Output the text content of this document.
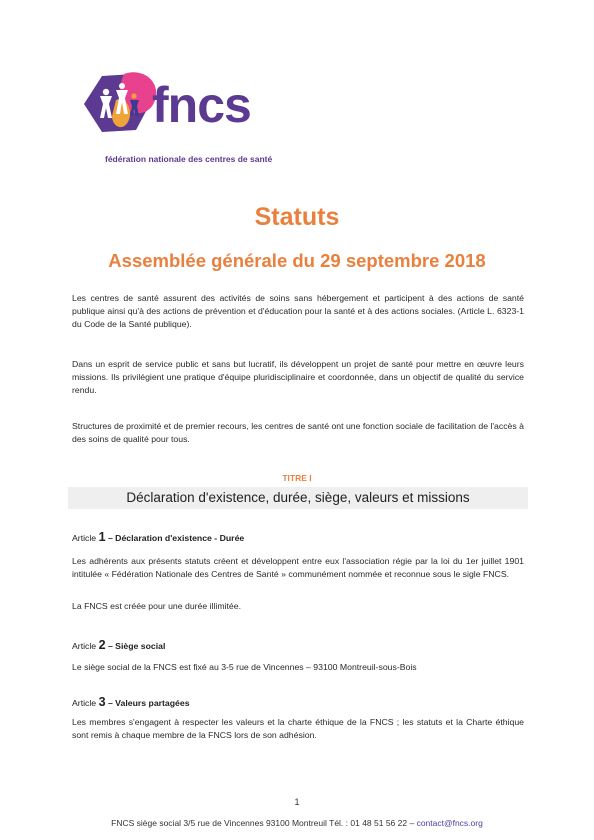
fncs
fédération nationale des centres de santé
Statuts
Assemblée générale du 29 septembre 2018
Les centres de santé assurent des activités de soins sans hébergement et participent à des actions de santé publique ainsi qu'à des actions de prévention et d'éducation pour la santé et à des actions sociales. (Article L. 6323-1 du Code de la Santé publique).
Dans un esprit de service public et sans but lucratif, ils développent un projet de santé pour mettre en œuvre leurs missions. Ils privilégient une pratique d'équipe pluridisciplinaire et coordonnée, dans un objectif de qualité du service rendu.
Structures de proximité et de premier recours, les centres de santé ont une fonction sociale de facilitation de l'accès à des soins de qualité pour tous.
TITRE I
Déclaration d'existence, durée, siège, valeurs et missions
Article 1 – Déclaration d'existence - Durée
Les adhérents aux présents statuts créent et développent entre eux l'association régie par la loi du 1er juillet 1901 intitulée « Fédération Nationale des Centres de Santé » communément nommée et reconnue sous le sigle FNCS.
La FNCS est créée pour une durée illimitée.
Article 2 – Siège social
Le siège social de la FNCS est fixé au 3-5 rue de Vincennes – 93100 Montreuil-sous-Bois
Article 3 – Valeurs partagées
Les membres s'engagent à respecter les valeurs et la charte éthique de la FNCS ; les statuts et la Charte éthique sont remis à chaque membre de la FNCS lors de son adhésion.
1
FNCS siège social 3/5 rue de Vincennes 93100 Montreuil Tél. : 01 48 51 56 22 – contact@fncs.org
